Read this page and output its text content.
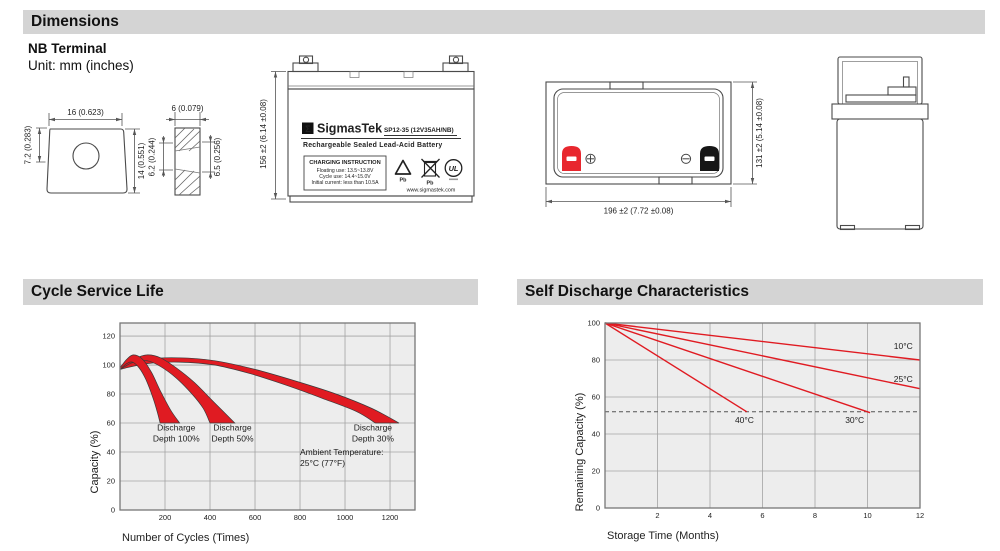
Dimensions
NB Terminal
Unit: mm (inches)
16 (0.623)
7.2 (0.283)	14 (0.551)
6 (0.079)
6.2 (0.244)	6.5 (0.256)
Σ SigmasTek SP12-35 (12V35AH/NB)
Rechargeable Sealed Lead-Acid Battery
CHARGING INSTRUCTION
Floating use: 13.5~13.8V
Cycle use: 14.4~15.0V
Initial current: less than 10.5A	Pb	Pb
UL
www.sigmastek.com
156 ±2 (6.14 ±0.08)
196 ±2 (7.72 ±0.08)
131 ±2 (5.14 ±0.08)
Cycle Service Life	Self Discharge Characteristics
Discharge Depth 100%
Discharge Depth 50%
Discharge Depth 30%
Ambient Temperature: 25°C (77°F)
200	400	600	800	1000	1200
0
20
40
60
80
100
120
Number of Cycles (Times)
Capacity (%)
10°C
25°C
30°C
40°C
2	4	6	8	10	12
0
20
40
60
80
100
Storage Time (Months)
Remaining Capacity (%)
